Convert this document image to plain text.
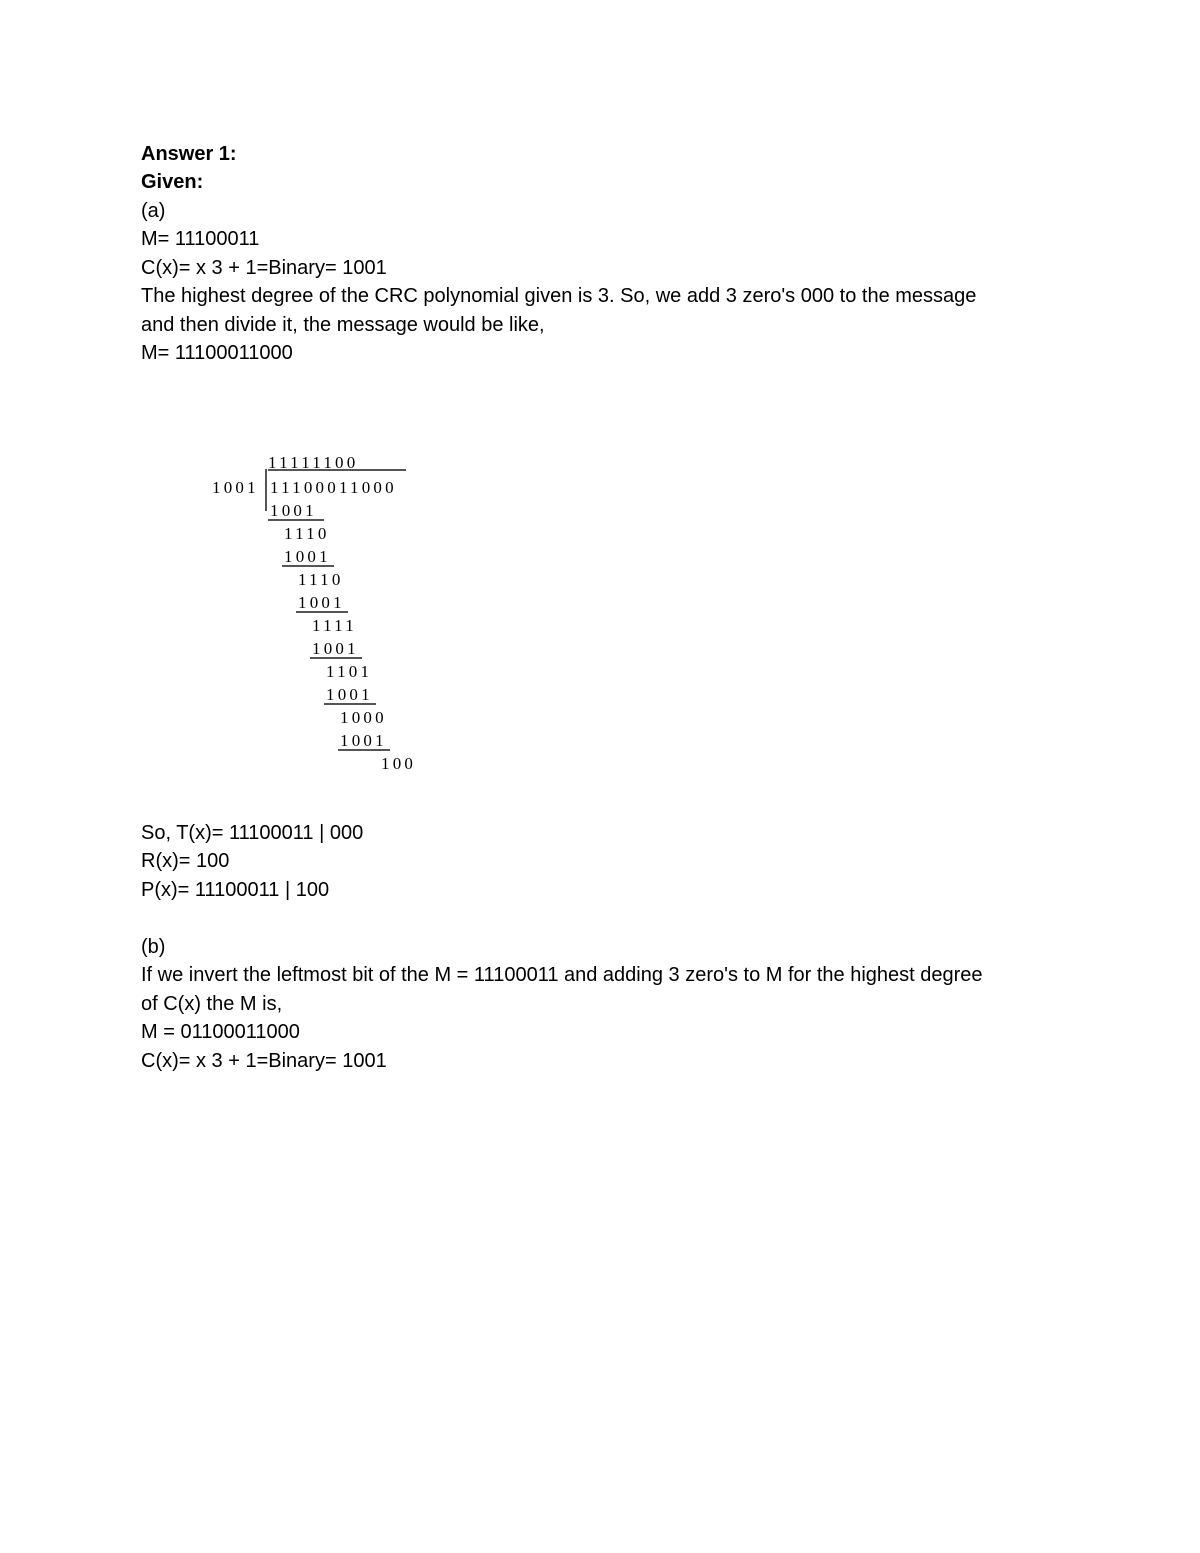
Answer 1:
Given:
(a)
M= 11100011
C(x)= x 3 + 1=Binary= 1001
The highest degree of the CRC polynomial given is 3. So, we add 3 zero's 000 to the message
and then divide it, the message would be like,
M= 11100011000
11111100
1001 11100011000
1001
1110
1001
1110
1001
1111
1001
1101
1001
1000
1001
100
So, T(x)= 11100011 | 000
R(x)= 100
P(x)= 11100011 | 100
(b)
If we invert the leftmost bit of the M = 11100011 and adding 3 zero's to M for the highest degree
of C(x) the M is,
M = 01100011000
C(x)= x 3 + 1=Binary= 1001
